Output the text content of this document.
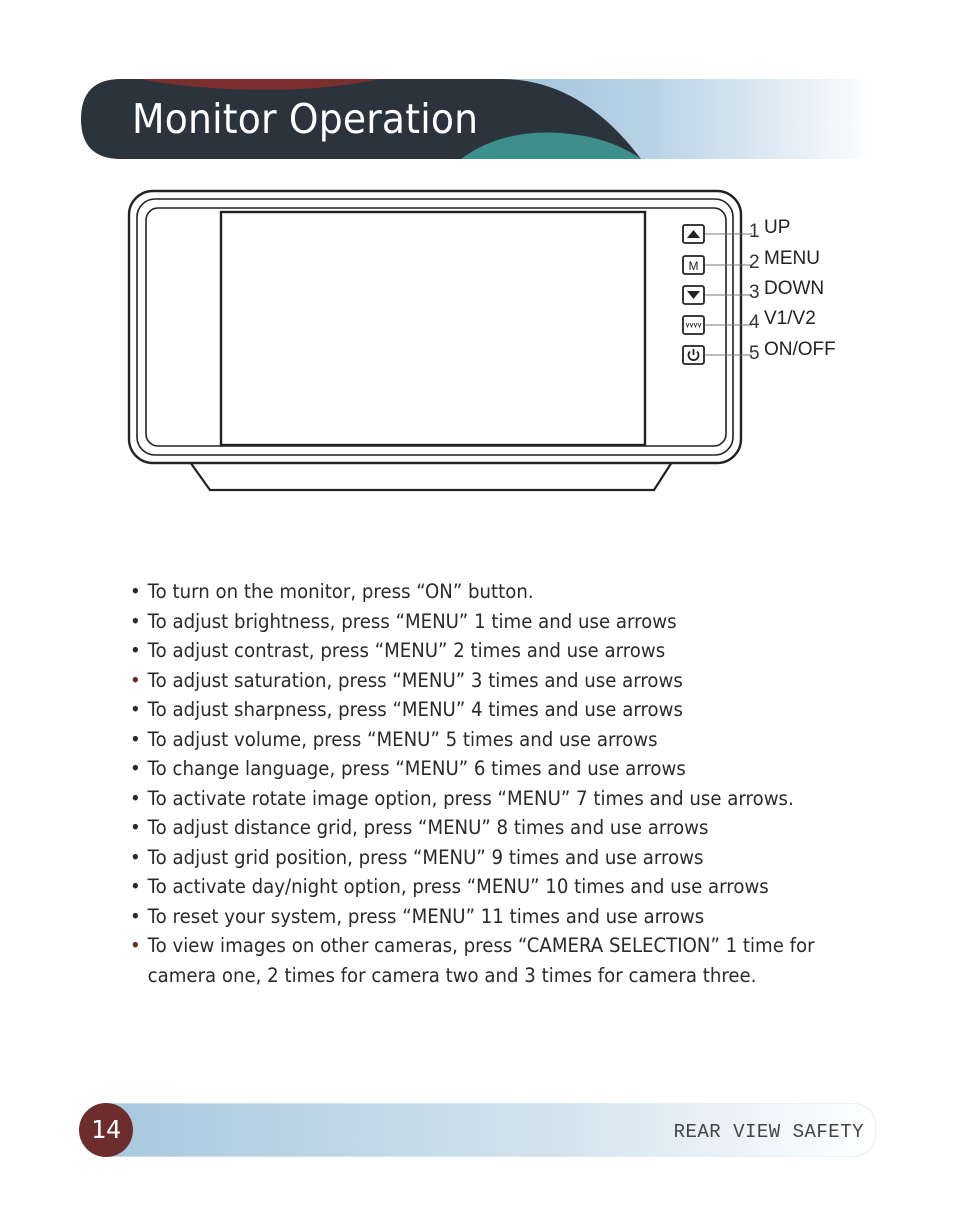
Monitor Operation
M
1 UP
2 MENU
3 DOWN
4 V1/V2
5 ON/OFF
• To turn on the monitor, press “ON” button.
• To adjust brightness, press “MENU” 1 time and use arrows
• To adjust contrast, press “MENU” 2 times and use arrows
• To adjust saturation, press “MENU” 3 times and use arrows
• To adjust sharpness, press “MENU” 4 times and use arrows
• To adjust volume, press “MENU” 5 times and use arrows
• To change language, press “MENU” 6 times and use arrows
• To activate rotate image option, press “MENU” 7 times and use arrows.
• To adjust distance grid, press “MENU” 8 times and use arrows
• To adjust grid position, press “MENU” 9 times and use arrows
• To activate day/night option, press “MENU” 10 times and use arrows
• To reset your system, press “MENU” 11 times and use arrows
• To view images on other cameras, press “CAMERA SELECTION” 1 time for camera one, 2 times for camera two and 3 times for camera three.
14	REAR VIEW SAFETY
